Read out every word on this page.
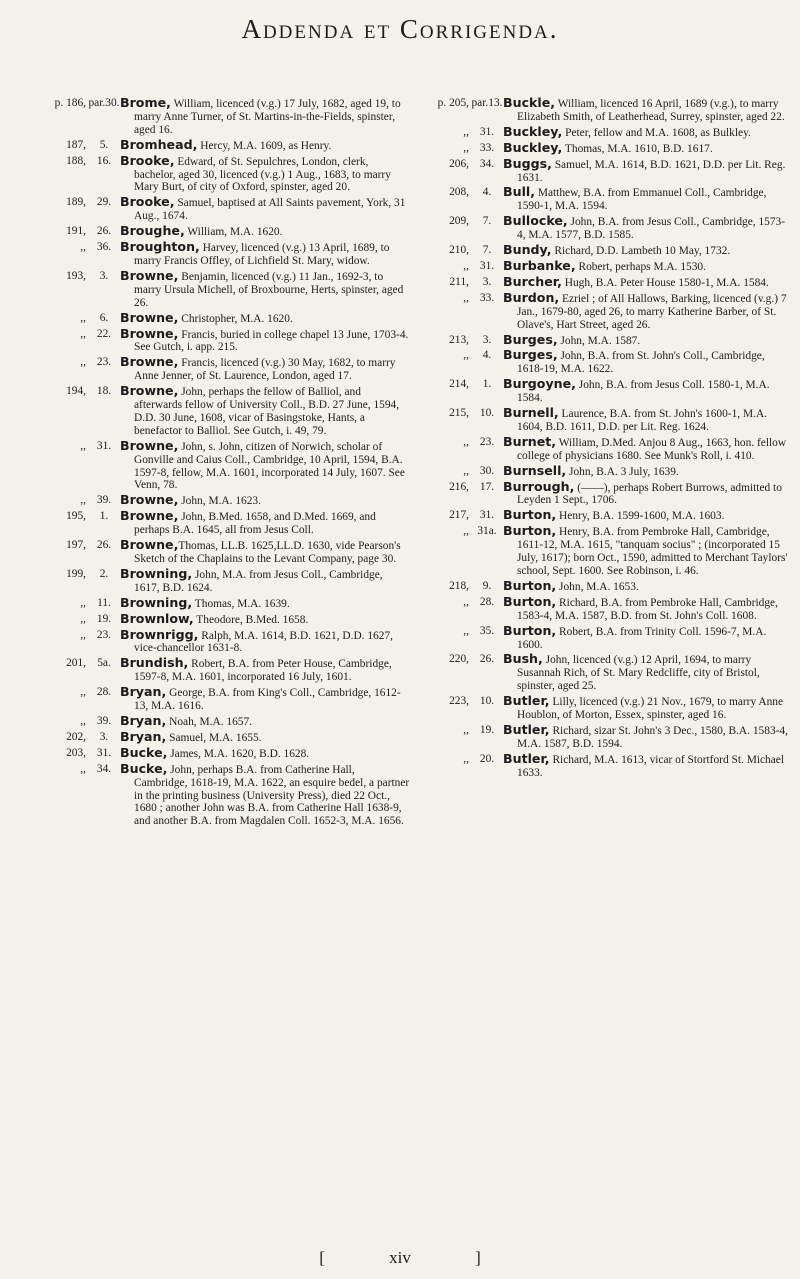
Addenda et Corrigenda.
p. 186, par.30. Brome, William, licenced (v.g.) 17 July, 1682, aged 19, to marry Anne Turner, of St. Martins-in-the-Fields, spinster, aged 16.
187,	5. Bromhead, Hercy, M.A. 1609, as Henry.
188, 16. Brooke, Edward, of St. Sepulchres, London, clerk, bachelor, aged 30, licenced (v.g.) 1 Aug., 1683, to marry Mary Burt, of city of Oxford, spinster, aged 20.
189, 29. Brooke, Samuel, baptised at All Saints pavement, York, 31 Aug., 1674.
191, 26. Broughe, William, M.A. 1620.
,, 36. Broughton, Harvey, licenced (v.g.) 13 April, 1689, to marry Francis Offley, of Lichfield St. Mary, widow.
193,	3. Browne, Benjamin, licenced (v.g.) 11 Jan., 1692-3, to marry Ursula Michell, of Broxbourne, Herts, spinster, aged 26.
,,	6. Browne, Christopher, M.A. 1620.
,, 22. Browne, Francis, buried in college chapel 13 June, 1703-4. See Gutch, i. app. 215.
,, 23. Browne, Francis, licenced (v.g.) 30 May, 1682, to marry Anne Jenner, of St. Laurence, London, aged 17.
194, 18. Browne, John, perhaps the fellow of Balliol, and afterwards fellow of University Coll., B.D. 27 June, 1594, D.D. 30 June, 1608, vicar of Basingstoke, Hants, a benefactor to Balliol. See Gutch, i. 49, 79.
,, 31. Browne, John, s. John, citizen of Norwich, scholar of Gonville and Caius Coll., Cambridge, 10 April, 1594, B.A. 1597-8, fellow, M.A. 1601, incorporated 14 July, 1607. See Venn, 78.
,, 39. Browne, John, M.A. 1623.
195,	1. Browne, John, B.Med. 1658, and D.Med. 1669, and perhaps B.A. 1645, all from Jesus Coll.
197, 26. Browne,Thomas, LL.B. 1625,LL.D. 1630, vide Pearson's Sketch of the Chaplains to the Levant Company, page 30.
199,	2. Browning, John, M.A. from Jesus Coll., Cambridge, 1617, B.D. 1624.
,, 11. Browning, Thomas, M.A. 1639.
,, 19. Brownlow, Theodore, B.Med. 1658.
,, 23. Brownrigg, Ralph, M.A. 1614, B.D. 1621, D.D. 1627, vice-chancellor 1631-8.
201, 5a. Brundish, Robert, B.A. from Peter House, Cambridge, 1597-8, M.A. 1601, incorporated 16 July, 1601.
,, 28. Bryan, George, B.A. from King's Coll., Cambridge, 1612-13, M.A. 1616.
,, 39. Bryan, Noah, M.A. 1657.
202,	3. Bryan, Samuel, M.A. 1655.
203, 31. Bucke, James, M.A. 1620, B.D. 1628.
,, 34. Bucke, John, perhaps B.A. from Catherine Hall, Cambridge, 1618-19, M.A. 1622, an esquire bedel, a partner in the printing business (University Press), died 22 Oct., 1680 ; another John was B.A. from Catherine Hall 1638-9, and another B.A. from Magdalen Coll. 1652-3, M.A. 1656.
p. 205, par.13. Buckle, William, licenced 16 April, 1689 (v.g.), to marry Elizabeth Smith, of Leatherhead, Surrey, spinster, aged 22.
,, 31. Buckley, Peter, fellow and M.A. 1608, as Bulkley.
,, 33. Buckley, Thomas, M.A. 1610, B.D. 1617.
206, 34. Buggs, Samuel, M.A. 1614, B.D. 1621, D.D. per Lit. Reg. 1631.
208,	4. Bull, Matthew, B.A. from Emmanuel Coll., Cambridge, 1590-1, M.A. 1594.
209,	7. Bullocke, John, B.A. from Jesus Coll., Cambridge, 1573-4, M.A. 1577, B.D. 1585.
210,	7. Bundy, Richard, D.D. Lambeth 10 May, 1732.
,, 31. Burbanke, Robert, perhaps M.A. 1530.
211,	3. Burcher, Hugh, B.A. Peter House 1580-1, M.A. 1584.
,, 33. Burdon, Ezriel ; of All Hallows, Barking, licenced (v.g.) 7 Jan., 1679-80, aged 26, to marry Katherine Barber, of St. Olave's, Hart Street, aged 26.
213,	3. Burges, John, M.A. 1587.
,,	4. Burges, John, B.A. from St. John's Coll., Cambridge, 1618-19, M.A. 1622.
214,	1. Burgoyne, John, B.A. from Jesus Coll. 1580-1, M.A. 1584.
215, 10. Burnell, Laurence, B.A. from St. John's 1600-1, M.A. 1604, B.D. 1611, D.D. per Lit. Reg. 1624.
,, 23. Burnet, William, D.Med. Anjou 8 Aug., 1663, hon. fellow college of physicians 1680. See Munk's Roll, i. 410.
,, 30. Burnsell, John, B.A. 3 July, 1639.
216, 17. Burrough, (——), perhaps Robert Burrows, admitted to Leyden 1 Sept., 1706.
217, 31. Burton, Henry, B.A. 1599-1600, M.A. 1603.
,, 31a. Burton, Henry, B.A. from Pembroke Hall, Cambridge, 1611-12, M.A. 1615, "tanquam socius" ; (incorporated 15 July, 1617); born Oct., 1590, admitted to Merchant Taylors' school, Sept. 1600. See Robinson, i. 46.
218,	9. Burton, John, M.A. 1653.
,, 28. Burton, Richard, B.A. from Pembroke Hall, Cambridge, 1583-4, M.A. 1587, B.D. from St. John's Coll. 1608.
,, 35. Burton, Robert, B.A. from Trinity Coll. 1596-7, M.A. 1600.
220, 26. Bush, John, licenced (v.g.) 12 April, 1694, to marry Susannah Rich, of St. Mary Redcliffe, city of Bristol, spinster, aged 25.
223, 10. Butler, Lilly, licenced (v.g.) 21 Nov., 1679, to marry Anne Houblon, of Morton, Essex, spinster, aged 16.
,, 19. Butler, Richard, sizar St. John's 3 Dec., 1580, B.A. 1583-4, M.A. 1587, B.D. 1594.
,, 20. Butler, Richard, M.A. 1613, vicar of Stortford St. Michael 1633.
[	xiv	]
